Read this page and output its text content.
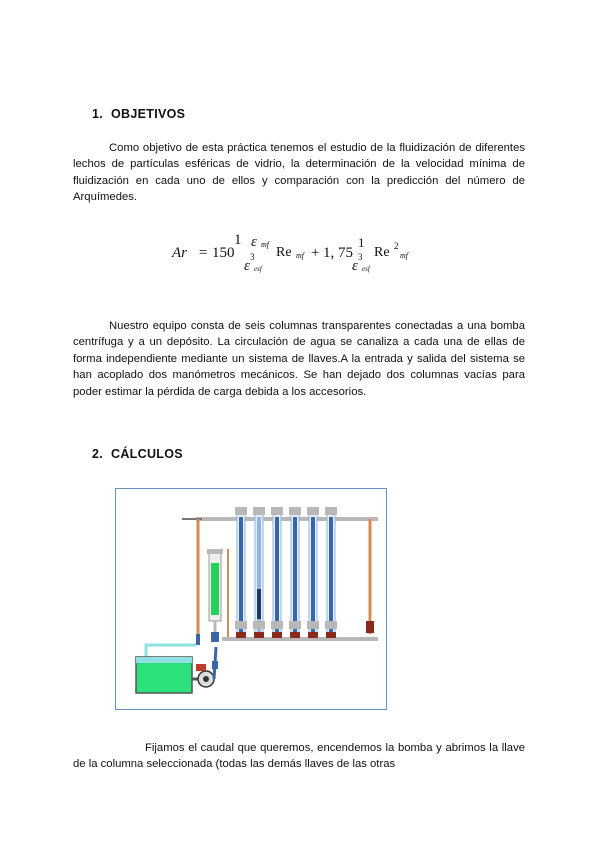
1. OBJETIVOS

Como objetivo de esta práctica tenemos el estudio de la fluidización de diferentes lechos de partículas esféricas de vidrio, la determinación de la velocidad mínima de fluidización en cada uno de ellos y comparación con la predicción del número de Arquímedes.

Ar = 150
1 ε mf
3
ε esf
Re mf + 1, 75
1
3
ε esf
Re 2
mf

Nuestro equipo consta de seis columnas transparentes conectadas a una bomba centrífuga y a un depósito. La circulación de agua se canaliza a cada una de ellas de forma independiente mediante un sistema de llaves.A la entrada y salida del sistema se han acoplado dos manómetros mecánicos. Se han dejado dos columnas vacías para poder estimar la pérdida de carga debida a los accesorios.

2. CÁLCULOS

Fijamos el caudal que queremos, encendemos la bomba y abrimos la llave de la columna seleccionada (todas las demás llaves de las otras
